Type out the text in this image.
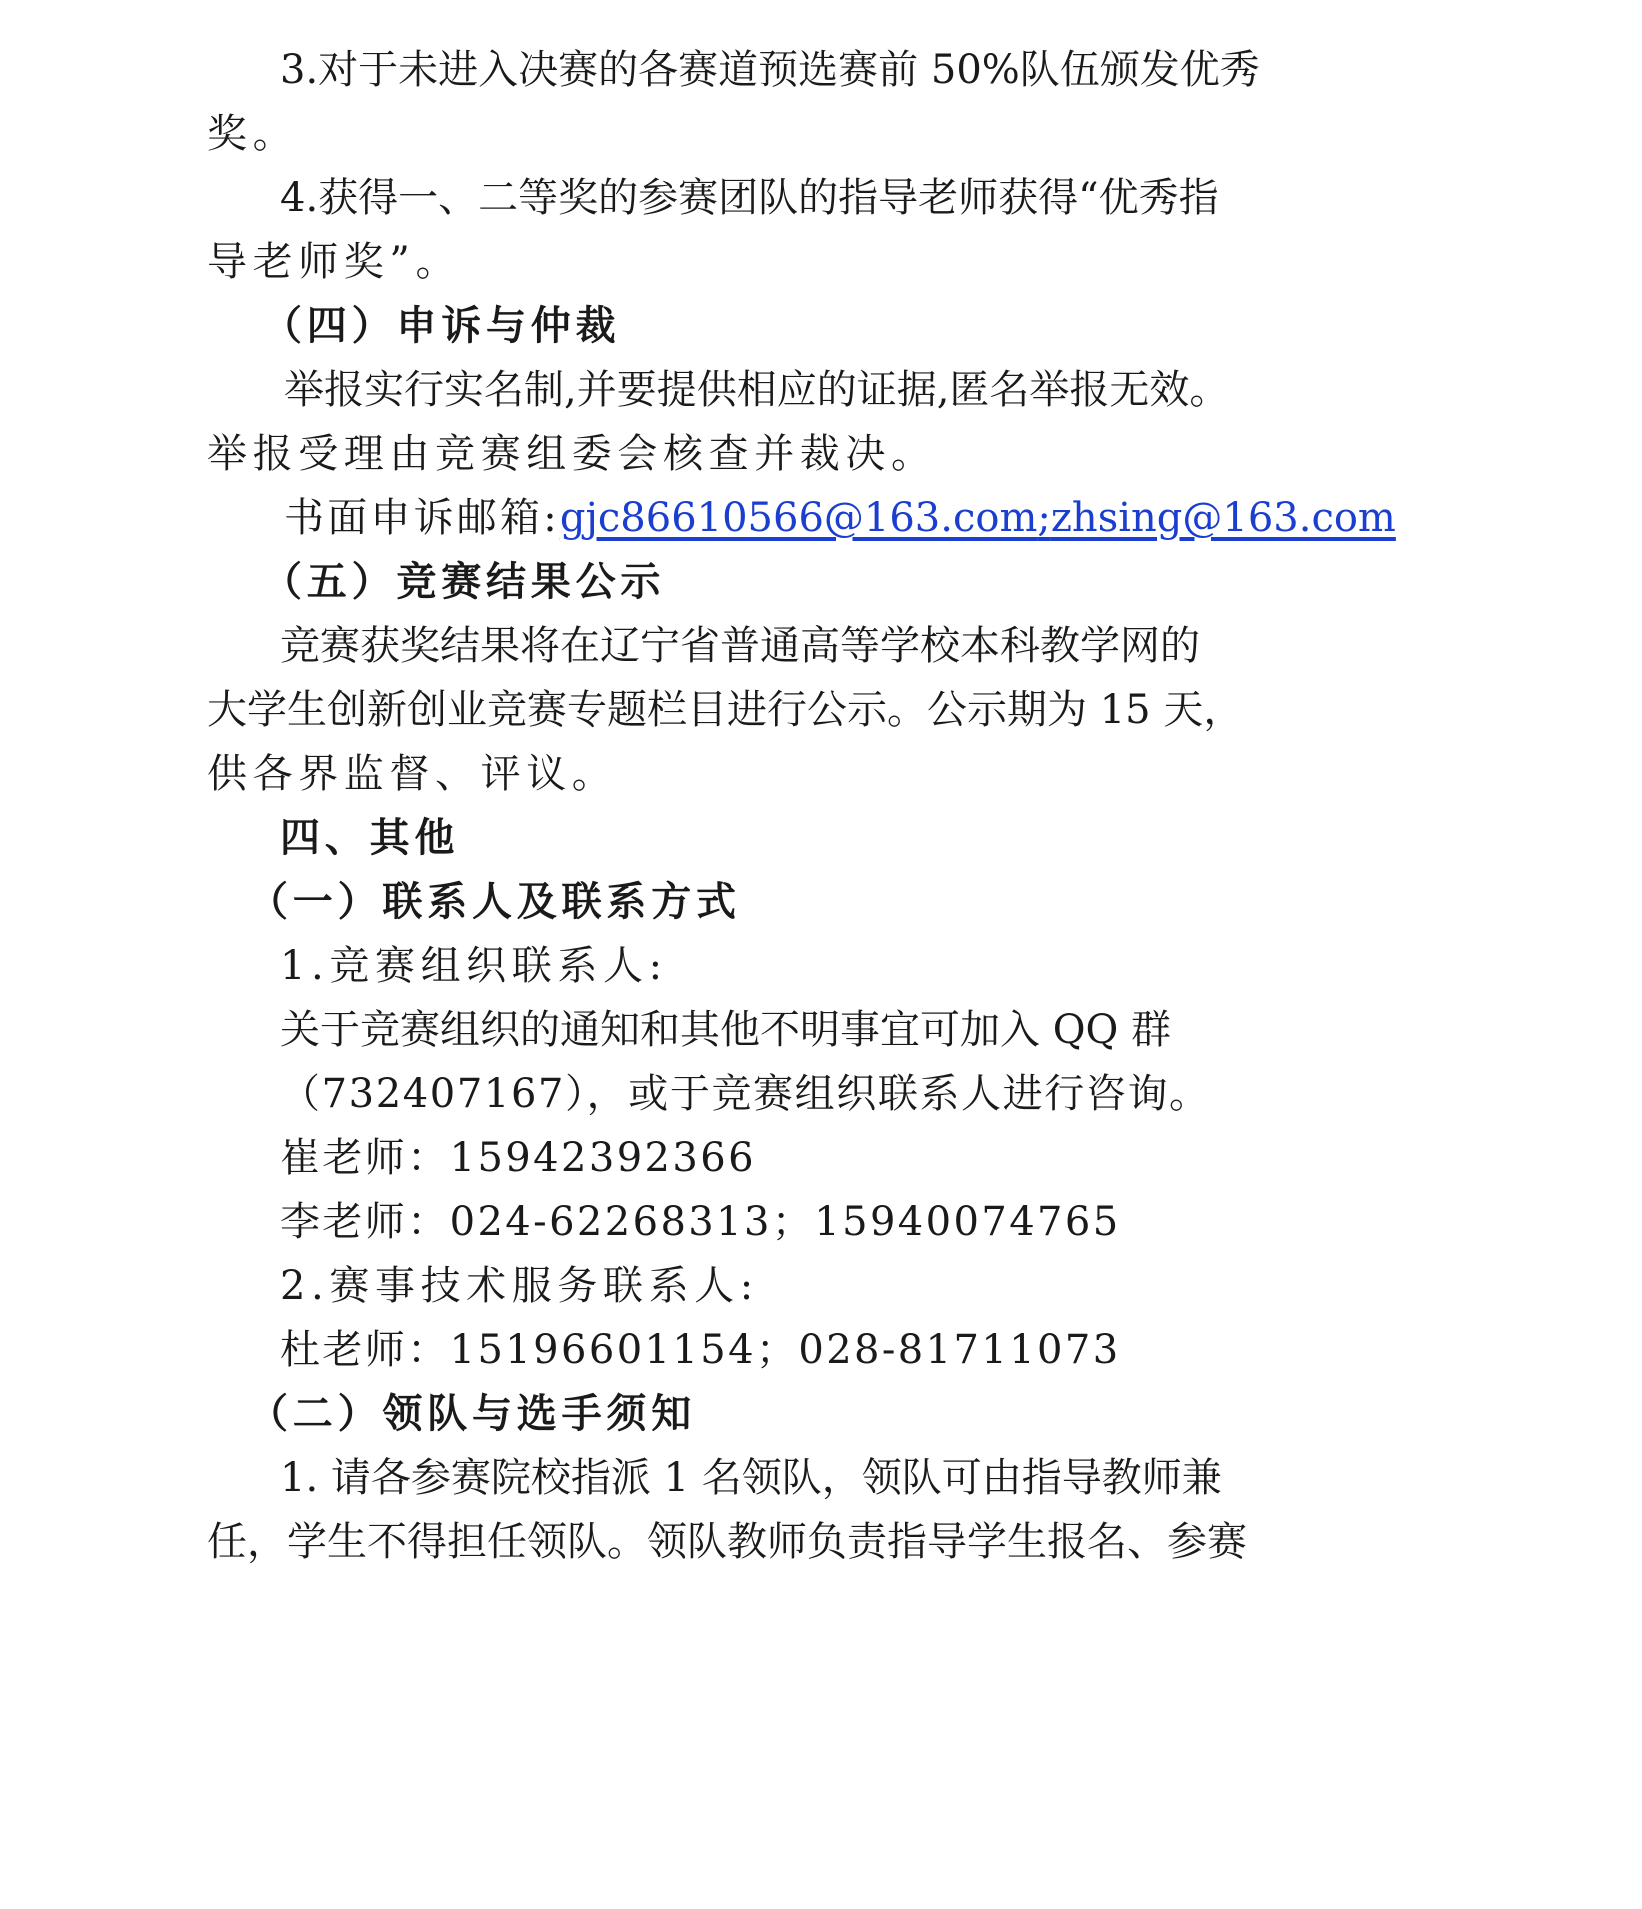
3.对于未进入决赛的各赛道预选赛前 50%队伍颁发优秀
奖。
4.获得一、二等奖的参赛团队的指导老师获得“优秀指
导老师奖”。
（四）申诉与仲裁
举报实行实名制,并要提供相应的证据,匿名举报无效。
举报受理由竞赛组委会核查并裁决。
书面申诉邮箱:gjc86610566@163.com;zhsing@163.com
（五）竞赛结果公示
竞赛获奖结果将在辽宁省普通高等学校本科教学网的
大学生创新创业竞赛专题栏目进行公示。公示期为 15 天，
供各界监督、评议。
四、其他
（一）联系人及联系方式
1.竞赛组织联系人:
关于竞赛组织的通知和其他不明事宜可加入 QQ 群
（732407167），或于竞赛组织联系人进行咨询。
崔老师：15942392366
李老师：024-62268313；15940074765
2.赛事技术服务联系人:
杜老师：15196601154；028-81711073
（二）领队与选手须知
1. 请各参赛院校指派 1 名领队，领队可由指导教师兼
任，学生不得担任领队。领队教师负责指导学生报名、参赛
